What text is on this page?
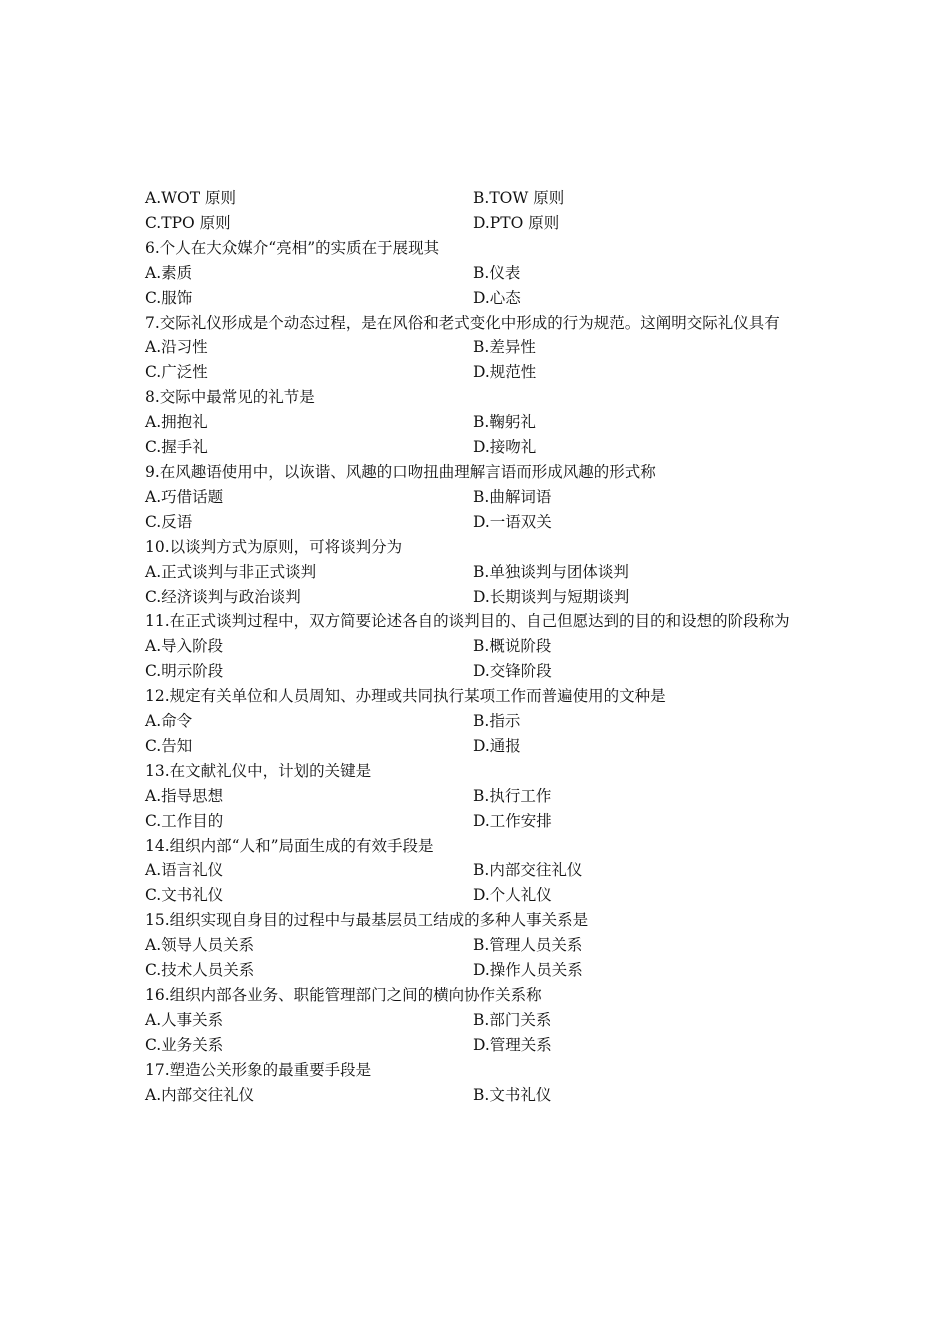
A.WOT 原则	B.TOW 原则
C.TPO 原则	D.PTO 原则
6.个人在大众媒介“亮相”的实质在于展现其
A.素质	B.仪表
C.服饰	D.心态
7.交际礼仪形成是个动态过程，是在风俗和老式变化中形成的行为规范。这阐明交际礼仪具有
A.沿习性	B.差异性
C.广泛性	D.规范性
8.交际中最常见的礼节是
A.拥抱礼	B.鞠躬礼
C.握手礼	D.接吻礼
9.在风趣语使用中，以诙谐、风趣的口吻扭曲理解言语而形成风趣的形式称
A.巧借话题	B.曲解词语
C.反语	D.一语双关
10.以谈判方式为原则，可将谈判分为
A.正式谈判与非正式谈判	B.单独谈判与团体谈判
C.经济谈判与政治谈判	D.长期谈判与短期谈判
11.在正式谈判过程中，双方简要论述各自的谈判目的、自己但愿达到的目的和设想的阶段称为
A.导入阶段	B.概说阶段
C.明示阶段	D.交锋阶段
12.规定有关单位和人员周知、办理或共同执行某项工作而普遍使用的文种是
A.命令	B.指示
C.告知	D.通报
13.在文献礼仪中，计划的关键是
A.指导思想	B.执行工作
C.工作目的	D.工作安排
14.组织内部“人和”局面生成的有效手段是
A.语言礼仪	B.内部交往礼仪
C.文书礼仪	D.个人礼仪
15.组织实现自身目的过程中与最基层员工结成的多种人事关系是
A.领导人员关系	B.管理人员关系
C.技术人员关系	D.操作人员关系
16.组织内部各业务、职能管理部门之间的横向协作关系称
A.人事关系	B.部门关系
C.业务关系	D.管理关系
17.塑造公关形象的最重要手段是
A.内部交往礼仪	B.文书礼仪
